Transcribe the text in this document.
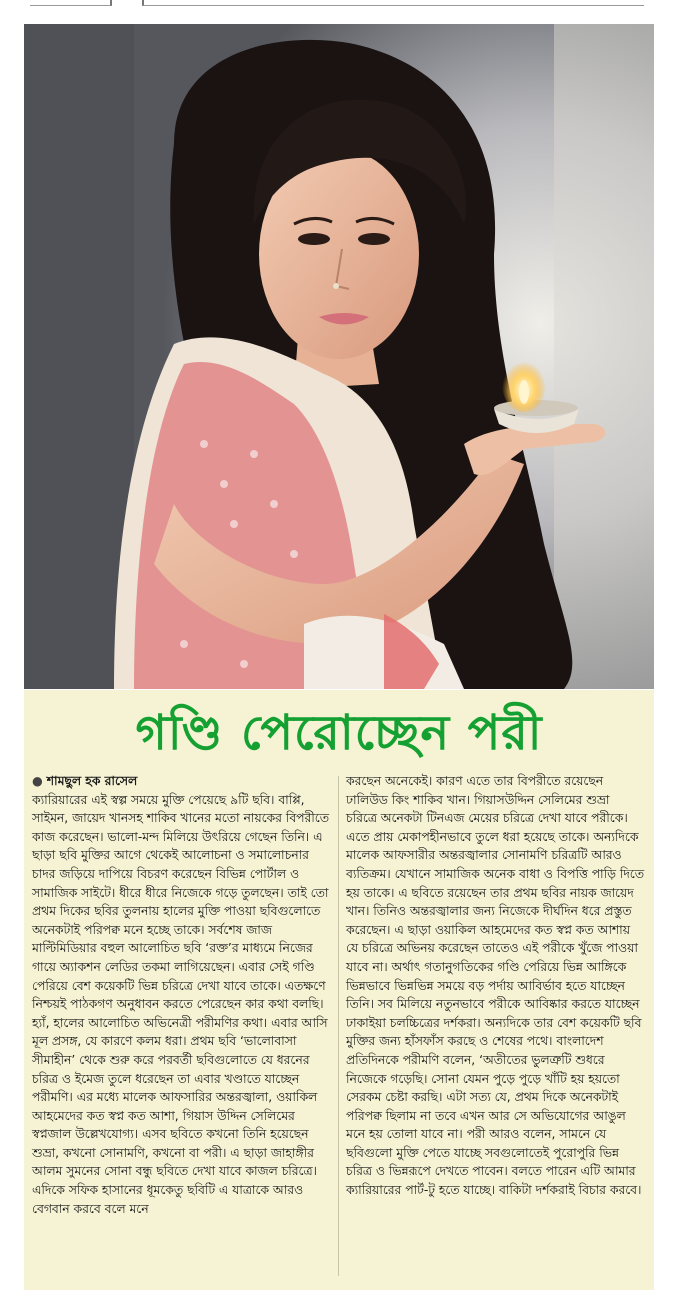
গণ্ডি পেরোচ্ছেন পরী

● শামছুল হক রাসেল

ক্যারিয়ারের এই স্বল্প সময়ে মুক্তি পেয়েছে ৯টি ছবি। বাপ্পি, সাইমন, জায়েদ খানসহ শাকিব খানের মতো নায়কের বিপরীতে কাজ করেছেন। ভালো-মন্দ মিলিয়ে উৎরিয়ে গেছেন তিনি। এ ছাড়া ছবি মুক্তির আগে থেকেই আলোচনা ও সমালোচনার চাদর জড়িয়ে দাপিয়ে বিচরণ করেছেন বিভিন্ন পোর্টাল ও সামাজিক সাইটে। ধীরে ধীরে নিজেকে গড়ে তুলছেন। তাই তো প্রথম দিকের ছবির তুলনায় হালের মুক্তি পাওয়া ছবিগুলোতে অনেকটাই পরিপক্ব মনে হচ্ছে তাকে। সর্বশেষ জাজ মাল্টিমিডিয়ার বহুল আলোচিত ছবি ‘রক্ত’র মাধ্যমে নিজের গায়ে অ্যাকশন লেডির তকমা লাগিয়েছেন। এবার সেই গণ্ডি পেরিয়ে বেশ কয়েকটি ভিন্ন চরিত্রে দেখা যাবে তাকে। এতক্ষণে নিশ্চয়ই পাঠকগণ অনুধাবন করতে পেরেছেন কার কথা বলছি। হ্যাঁ, হালের আলোচিত অভিনেত্রী পরীমণির কথা। এবার আসি মূল প্রসঙ্গ, যে কারণে কলম ধরা। প্রথম ছবি ‘ভালোবাসা সীমাহীন’ থেকে শুরু করে পরবর্তী ছবিগুলোতে যে ধরনের চরিত্র ও ইমেজ তুলে ধরেছেন তা এবার খণ্ডাতে যাচ্ছেন পরীমণি। এর মধ্যে মালেক আফসারির অন্তরজ্বালা, ওয়াকিল আহমেদের কত স্বপ্ন কত আশা, গিয়াস উদ্দিন সেলিমের স্বপ্নজাল উল্লেখযোগ্য। এসব ছবিতে কখনো তিনি হয়েছেন শুভ্রা, কখনো সোনামণি, কখনো বা পরী। এ ছাড়া জাহাঙ্গীর আলম সুমনের সোনা বন্ধু ছবিতে দেখা যাবে কাজল চরিত্রে। এদিকে সফিক হাসানের ধূমকেতু ছবিটি এ যাত্রাকে আরও বেগবান করবে বলে মনে

করছেন অনেকেই। কারণ এতে তার বিপরীতে রয়েছেন ঢালিউড কিং শাকিব খান। গিয়াসউদ্দিন সেলিমের শুভ্রা চরিত্রে অনেকটা টিনএজ মেয়ের চরিত্রে দেখা যাবে পরীকে। এতে প্রায় মেকাপহীনভাবে তুলে ধরা হয়েছে তাকে। অন্যদিকে মালেক আফসারীর অন্তরজ্বালার সোনামণি চরিত্রটি আরও ব্যতিক্রম। যেখানে সামাজিক অনেক বাধা ও বিপত্তি পাড়ি দিতে হয় তাকে। এ ছবিতে রয়েছেন তার প্রথম ছবির নায়ক জায়েদ খান। তিনিও অন্তরজ্বালার জন্য নিজেকে দীর্ঘদিন ধরে প্রস্তুত করেছেন। এ ছাড়া ওয়াকিল আহমেদের কত স্বপ্ন কত আশায় যে চরিত্রে অভিনয় করেছেন তাতেও এই পরীকে খুঁজে পাওয়া যাবে না। অর্থাৎ গতানুগতিকের গণ্ডি পেরিয়ে ভিন্ন আঙ্গিকে ভিন্নভাবে ভিন্নভিন্ন সময়ে বড় পর্দায় আবির্ভাব হতে যাচ্ছেন তিনি। সব মিলিয়ে নতুনভাবে পরীকে আবিষ্কার করতে যাচ্ছেন ঢাকাইয়া চলচ্চিত্রের দর্শকরা। অন্যদিকে তার বেশ কয়েকটি ছবি মুক্তির জন্য হাঁসফাঁস করছে ও শেষের পথে। বাংলাদেশ প্রতিদিনকে পরীমণি বলেন, ‘অতীতের ভুলত্রুটি শুধরে নিজেকে গড়েছি। সোনা যেমন পুড়ে পুড়ে খাঁটি হয় হয়তো সেরকম চেষ্টা করছি। এটা সত্য যে, প্রথম দিকে অনেকটাই পরিপক্ব ছিলাম না তবে এখন আর সে অভিযোগের আঙুল মনে হয় তোলা যাবে না। পরী আরও বলেন, সামনে যে ছবিগুলো মুক্তি পেতে যাচ্ছে সবগুলোতেই পুরোপুরি ভিন্ন চরিত্র ও ভিন্নরূপে দেখতে পাবেন। বলতে পারেন এটি আমার ক্যারিয়ারের পার্ট-টু হতে যাচ্ছে। বাকিটা দর্শকরাই বিচার করবে।
